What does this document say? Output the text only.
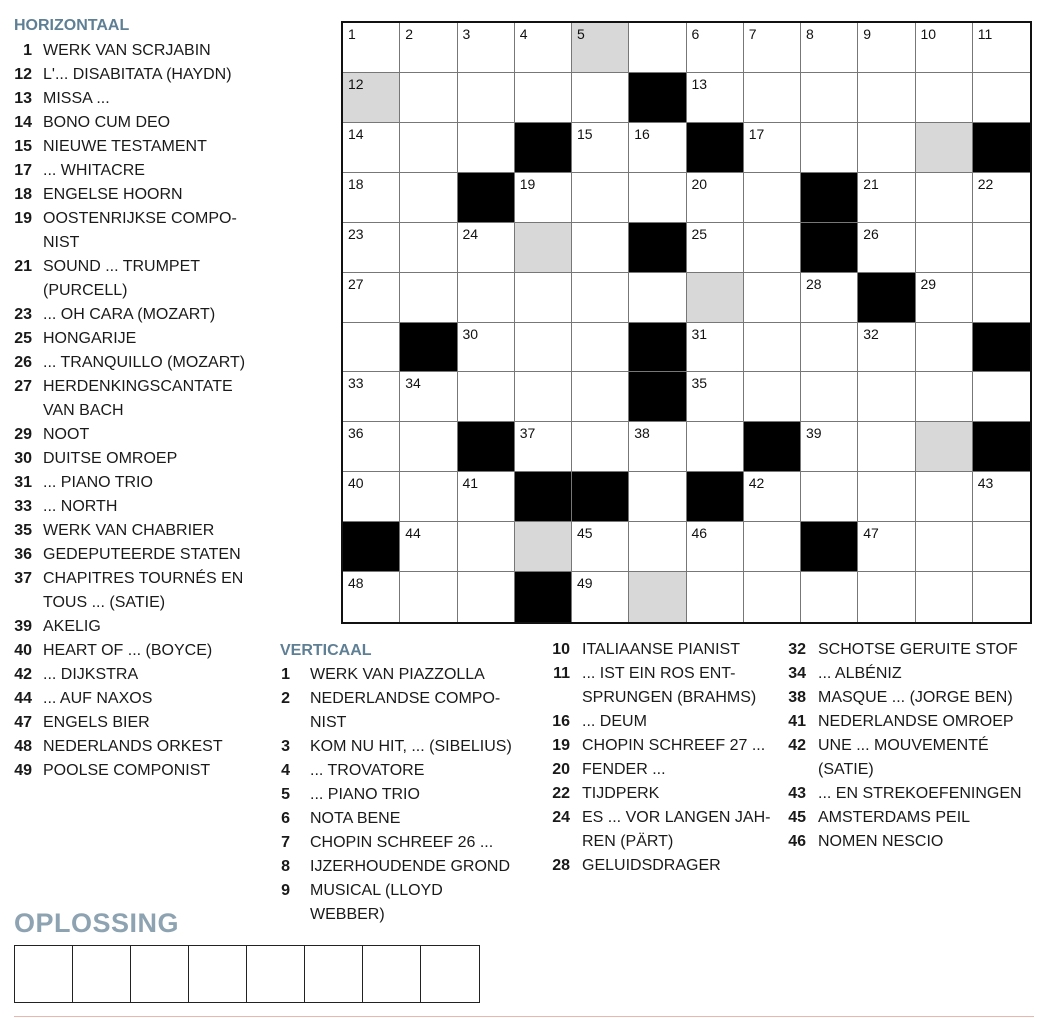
HORIZONTAAL
1 WERK VAN SCRJABIN
12 L'... DISABITATA (HAYDN)
13 MISSA ...
14 BONO CUM DEO
15 NIEUWE TESTAMENT
17 ... WHITACRE
18 ENGELSE HOORN
19 OOSTENRIJKSE COMPO-
NIST
21 SOUND ... TRUMPET
(PURCELL)
23 ... OH CARA (MOZART)
25 HONGARIJE
26 ... TRANQUILLO (MOZART)
27 HERDENKINGSCANTATE
VAN BACH
29 NOOT
30 DUITSE OMROEP
31 ... PIANO TRIO
33 ... NORTH
35 WERK VAN CHABRIER
36 GEDEPUTEERDE STATEN
37 CHAPITRES TOURNÉS EN
TOUS ... (SATIE)
39 AKELIG
40 HEART OF ... (BOYCE)
42 ... DIJKSTRA
44 ... AUF NAXOS
47 ENGELS BIER
48 NEDERLANDS ORKEST
49 POOLSE COMPONIST
1	2	3	4	5	6	7	8	9	10	11
12	13
14	15	16	17
18	19	20	21	22
23	24	25	26
27	28	29
30	31	32
33	34	35
36	37	38	39
40	41	42	43
44	45	46	47
48	49
VERTICAAL
1	WERK VAN PIAZZOLLA
2	NEDERLANDSE COMPO-
NIST
3	KOM NU HIT, ... (SIBELIUS)
4	... TROVATORE
5	... PIANO TRIO
6	NOTA BENE
7	CHOPIN SCHREEF 26 ...
8	IJZERHOUDENDE GROND
9	MUSICAL (LLOYD
WEBBER)
10 ITALIAANSE PIANIST
11 ... IST EIN ROS ENT-
SPRUNGEN (BRAHMS)
16 ... DEUM
19 CHOPIN SCHREEF 27 ...
20 FENDER ...
22 TIJDPERK
24 ES ... VOR LANGEN JAH-
REN (PÄRT)
28 GELUIDSDRAGER
32 SCHOTSE GERUITE STOF
34 ... ALBÉNIZ
38 MASQUE ... (JORGE BEN)
41 NEDERLANDSE OMROEP
42 UNE ... MOUVEMENTÉ
(SATIE)
43 ... EN STREKOEFENINGEN
45 AMSTERDAMS PEIL
46 NOMEN NESCIO
OPLOSSING
